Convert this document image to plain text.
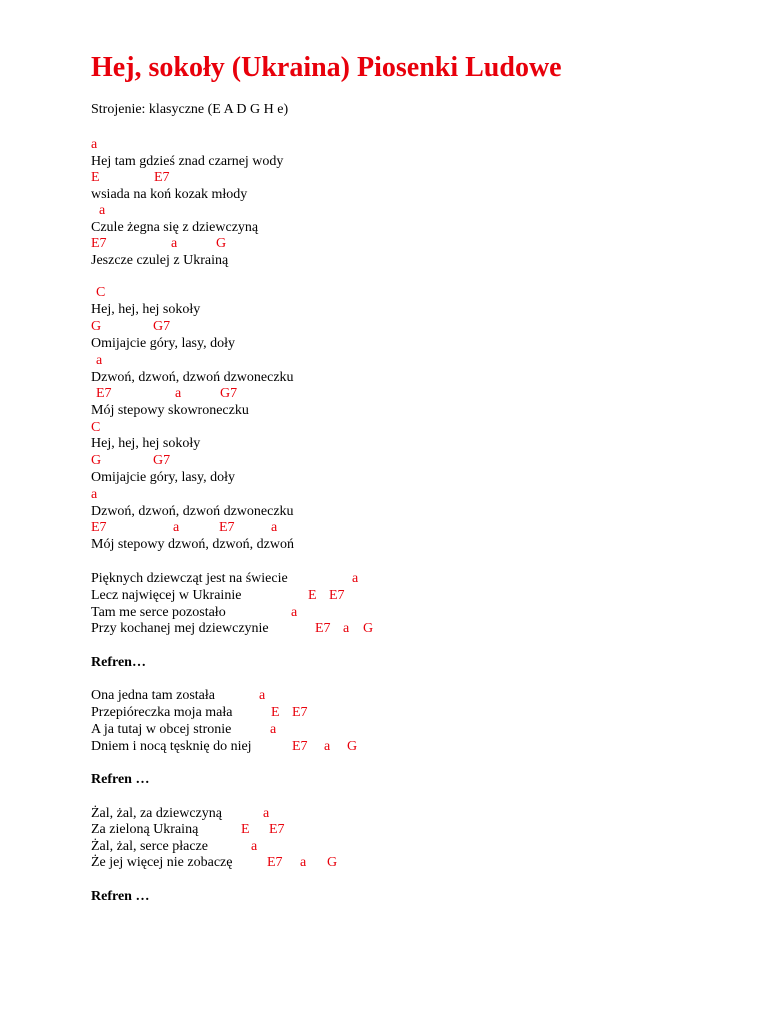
Hej, sokoły (Ukraina) Piosenki Ludowe
Strojenie: klasyczne (E A D G H e)
a
Hej tam gdzieś znad czarnej wody
E	E7
wsiada na koń kozak młody
a
Czule żegna się z dziewczyną
E7	a	G
Jeszcze czulej z Ukrainą
C
Hej, hej, hej sokoły
G	G7
Omijajcie góry, lasy, doły
a
Dzwoń, dzwoń, dzwoń dzwoneczku
E7	a	G7
Mój stepowy skowroneczku
C
Hej, hej, hej sokoły
G	G7
Omijajcie góry, lasy, doły
a
Dzwoń, dzwoń, dzwoń dzwoneczku
E7	a	E7	a
Mój stepowy dzwoń, dzwoń, dzwoń
Pięknych dziewcząt jest na świecie	a
Lecz najwięcej w Ukrainie	E E7
Tam me serce pozostało	a
Przy kochanej mej dziewczynie	E7 a G
Refren…
Ona jedna tam została	a
Przepióreczka moja mała	E E7
A ja tutaj w obcej stronie	a
Dniem i nocą tęsknię do niej	E7 a G
Refren …
Żal, żal, za dziewczyną	a
Za zieloną Ukrainą	E E7
Żal, żal, serce płacze	a
Że jej więcej nie zobaczę E7 a G
Refren …
